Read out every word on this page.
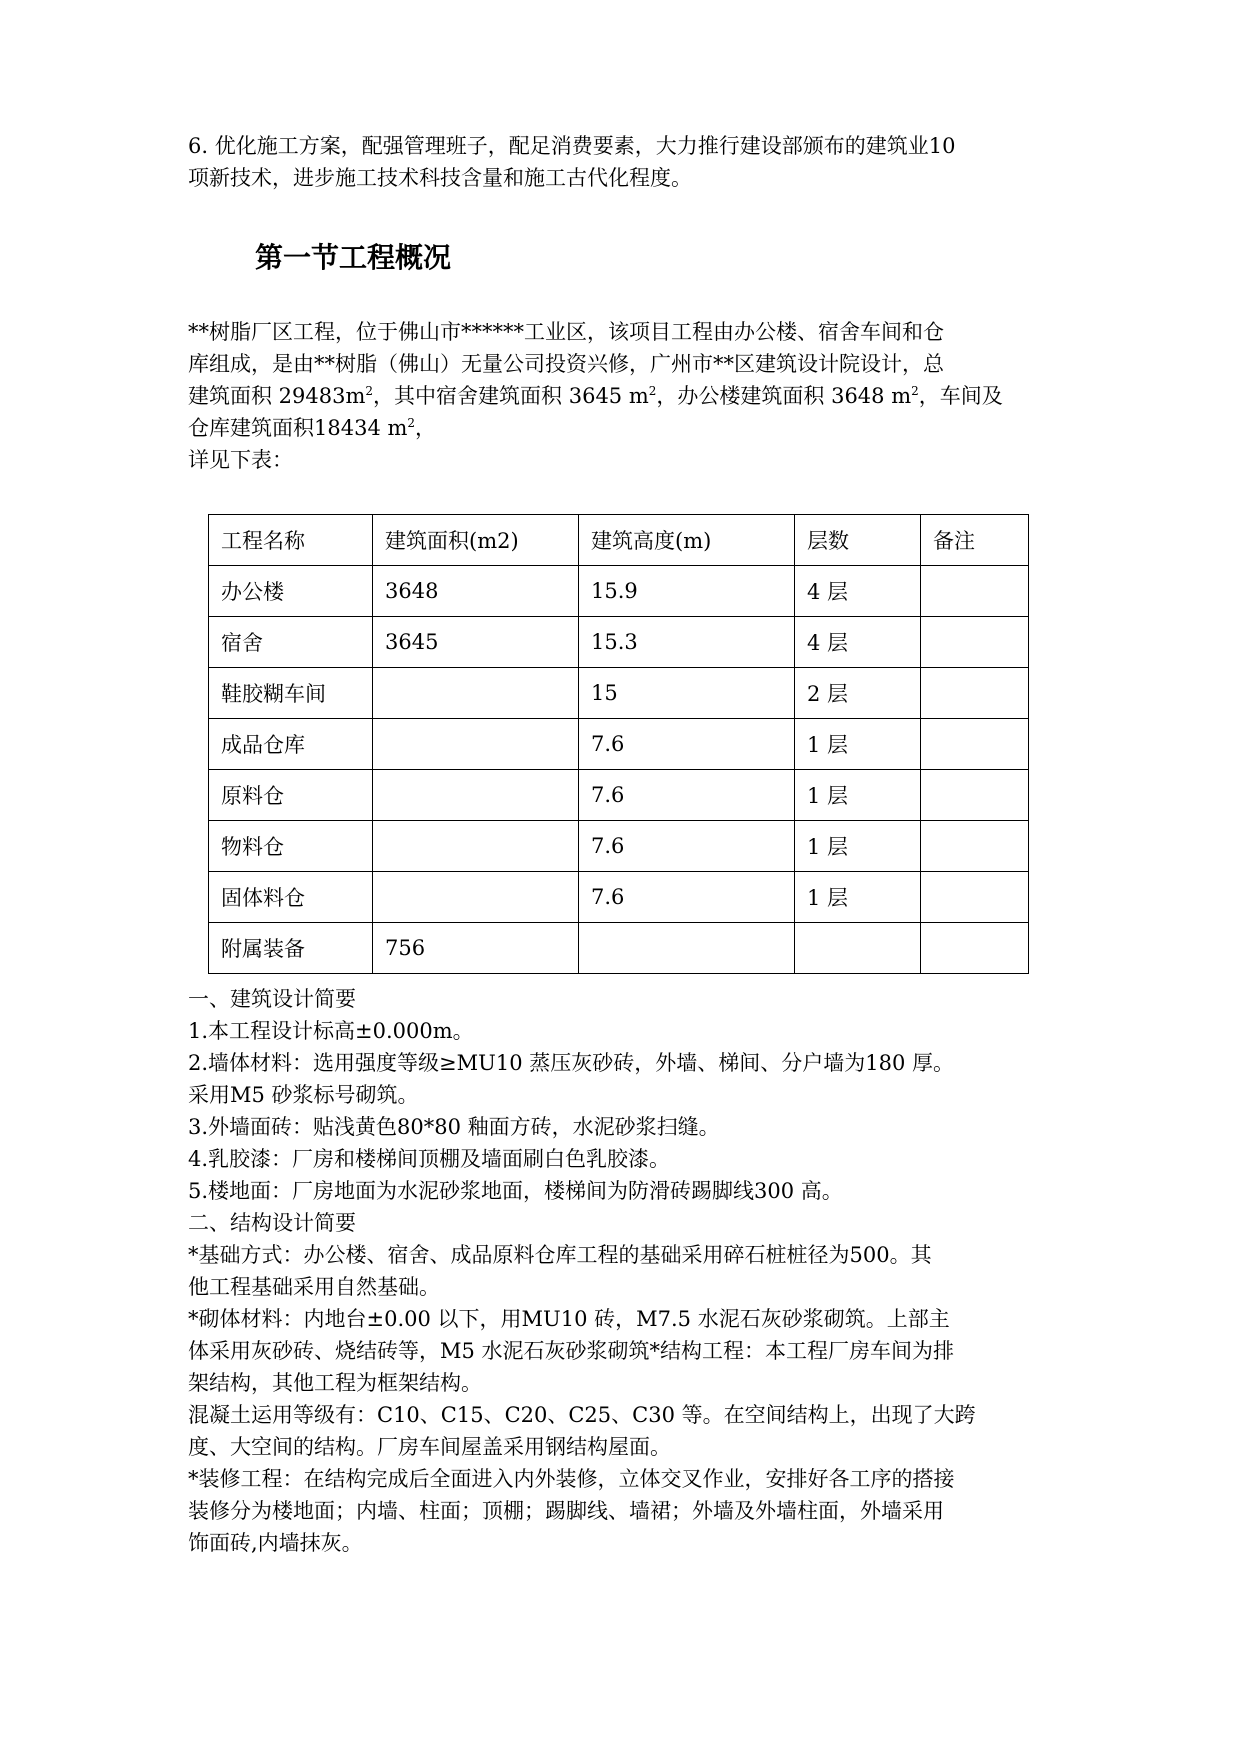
6. 优化施工方案，配强管理班子，配足消费要素，大力推行建设部颁布的建筑业10
项新技术，进步施工技术科技含量和施工古代化程度。
第一节工程概况
**树脂厂区工程，位于佛山市******工业区，该项目工程由办公楼、宿舍车间和仓
库组成，是由**树脂（佛山）无量公司投资兴修，广州市**区建筑设计院设计，总
建筑面积 $29483m^2$，其中宿舍建筑面积 3645 $m^2$，办公楼建筑面积 3648 $m^2$，车间及
仓库建筑面积18434 $m^2$，
详见下表：
工程名称	建筑面积(m2)	建筑高度(m)	层数	备注
办公楼	3648	15.9	4 层	
宿舍	3645	15.3	4 层	
鞋胶糊车间		15	2 层	
成品仓库		7.6	1 层	
原料仓		7.6	1 层	
物料仓		7.6	1 层	
固体料仓		7.6	1 层	
附属装备	756			
一、建筑设计简要
1.本工程设计标高±0.000m。
2.墙体材料：选用强度等级≥MU10 蒸压灰砂砖，外墙、梯间、分户墙为180 厚。
采用M5 砂浆标号砌筑。
3.外墙面砖：贴浅黄色80*80 釉面方砖，水泥砂浆扫缝。
4.乳胶漆：厂房和楼梯间顶棚及墙面刷白色乳胶漆。
5.楼地面：厂房地面为水泥砂浆地面，楼梯间为防滑砖踢脚线300 高。
二、结构设计简要
*基础方式：办公楼、宿舍、成品原料仓库工程的基础采用碎石桩桩径为500。其
他工程基础采用自然基础。
*砌体材料：内地台±0.00 以下，用MU10 砖，M7.5 水泥石灰砂浆砌筑。上部主
体采用灰砂砖、烧结砖等，M5 水泥石灰砂浆砌筑*结构工程：本工程厂房车间为排
架结构，其他工程为框架结构。
混凝土运用等级有：C10、C15、C20、C25、C30 等。在空间结构上，出现了大跨
度、大空间的结构。厂房车间屋盖采用钢结构屋面。
*装修工程：在结构完成后全面进入内外装修，立体交叉作业，安排好各工序的搭接
装修分为楼地面；内墙、柱面；顶棚；踢脚线、墙裙；外墙及外墙柱面，外墙采用
饰面砖,内墙抹灰。
